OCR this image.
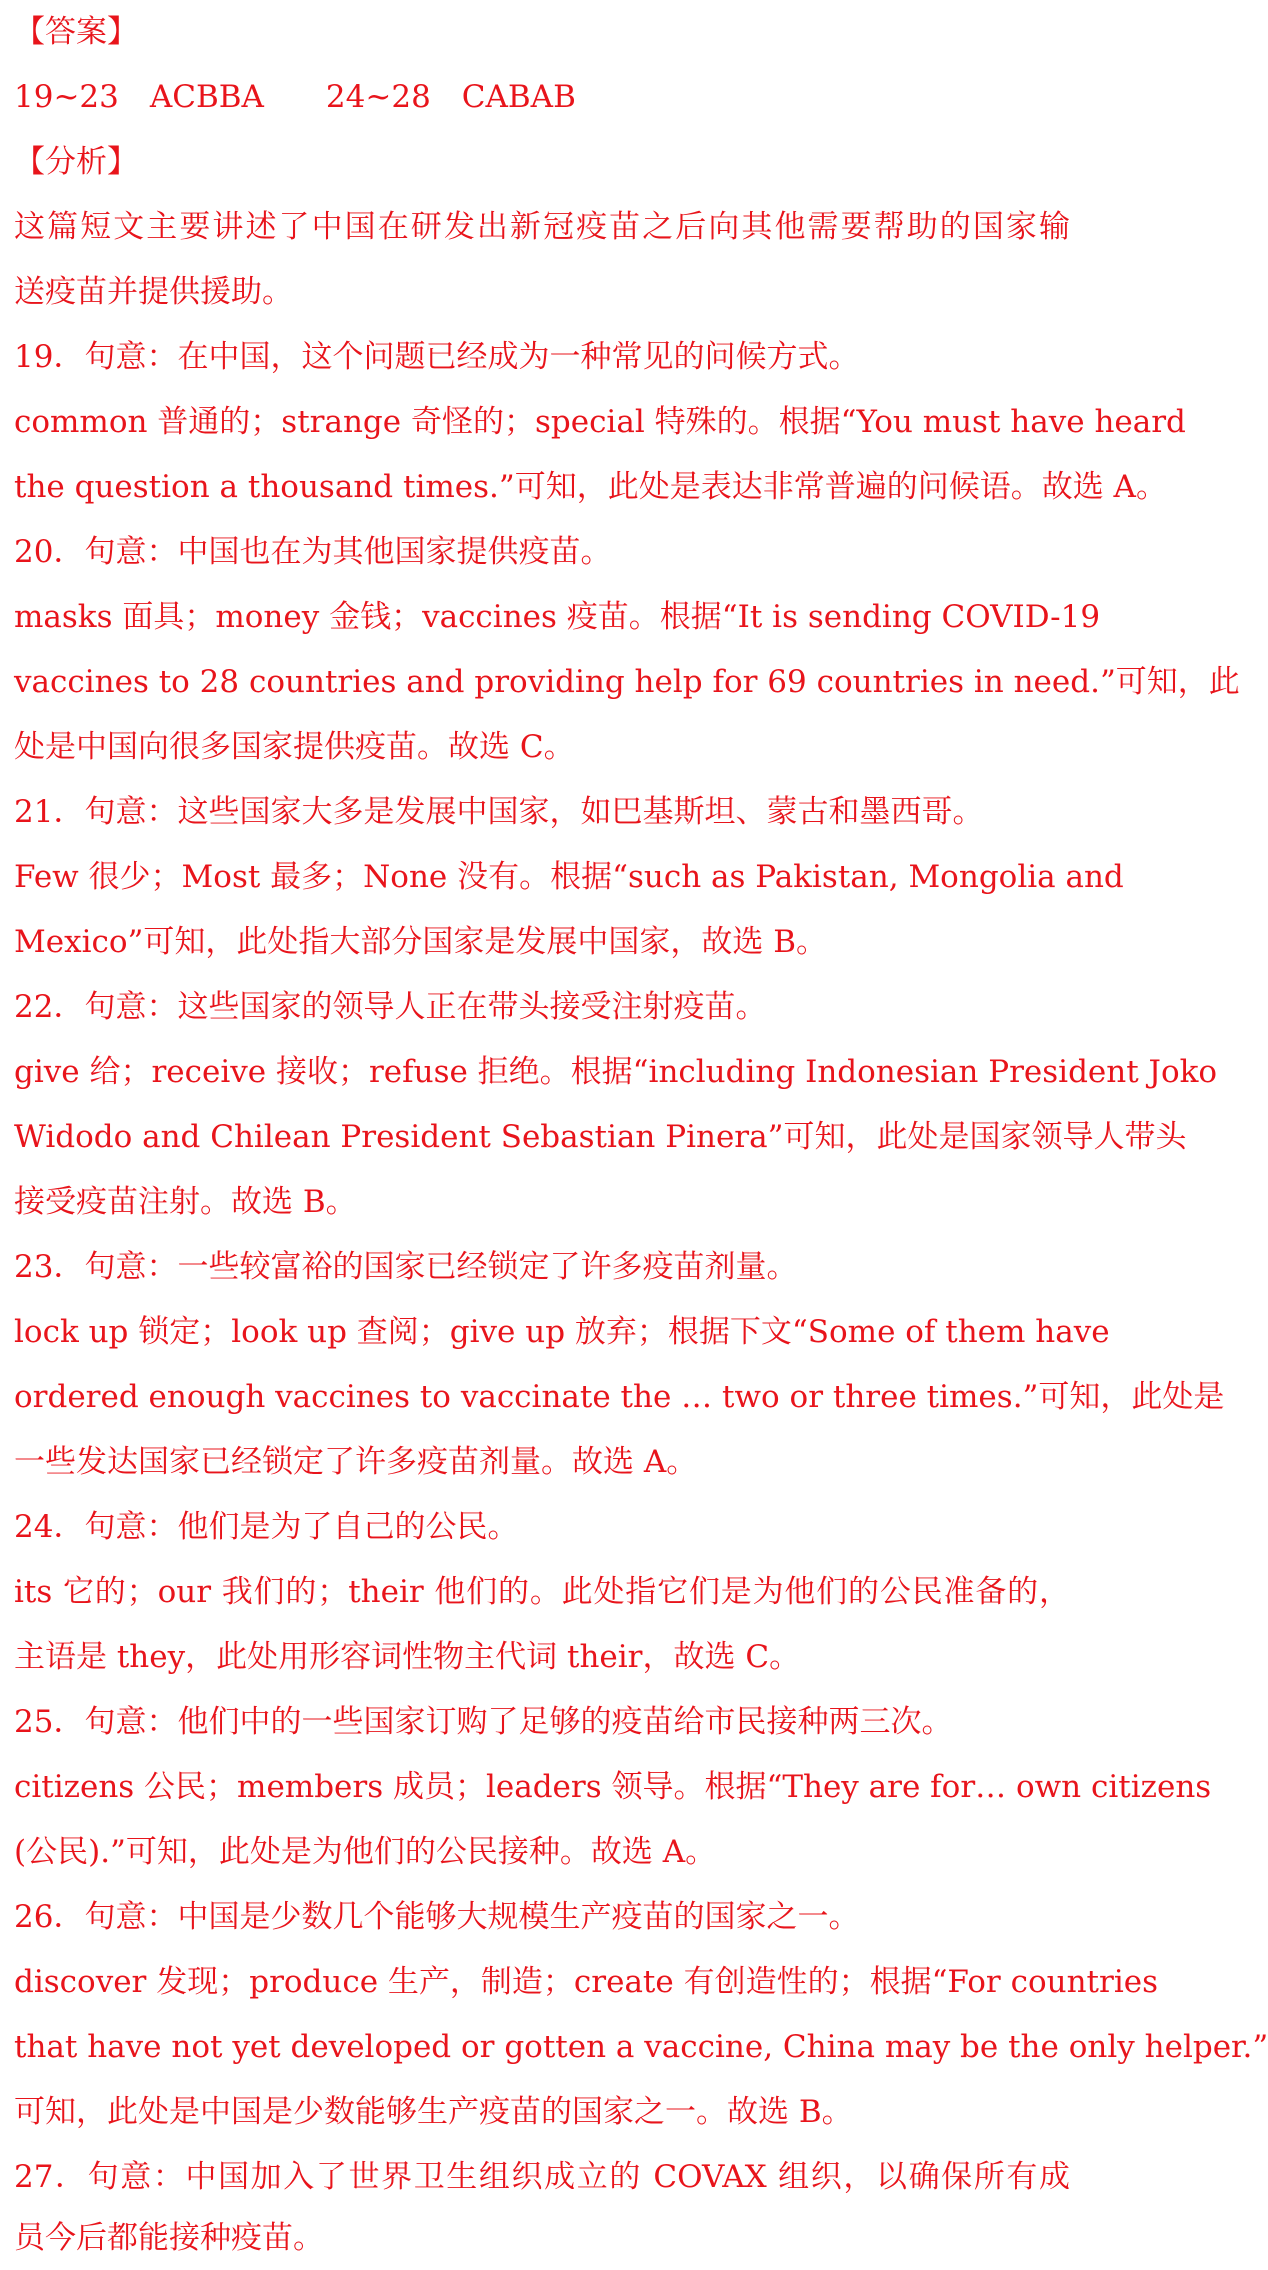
【答案】
19~23　ACBBA　　24~28　CABAB
【分析】
这篇短文主要讲述了中国在研发出新冠疫苗之后向其他需要帮助的国家输
送疫苗并提供援助。
19．句意：在中国，这个问题已经成为一种常见的问候方式。
common 普通的；strange 奇怪的；special 特殊的。根据“You must have heard
the question a thousand times.”可知，此处是表达非常普遍的问候语。故选 A。
20．句意：中国也在为其他国家提供疫苗。
masks 面具；money 金钱；vaccines 疫苗。根据“It is sending COVID-19
vaccines to 28 countries and providing help for 69 countries in need.”可知，此
处是中国向很多国家提供疫苗。故选 C。
21．句意：这些国家大多是发展中国家，如巴基斯坦、蒙古和墨西哥。
Few 很少；Most 最多；None 没有。根据“such as Pakistan, Mongolia and
Mexico”可知，此处指大部分国家是发展中国家，故选 B。
22．句意：这些国家的领导人正在带头接受注射疫苗。
give 给；receive 接收；refuse 拒绝。根据“including Indonesian President Joko
Widodo and Chilean President Sebastian Pinera”可知，此处是国家领导人带头
接受疫苗注射。故选 B。
23．句意：一些较富裕的国家已经锁定了许多疫苗剂量。
lock up 锁定；look up 查阅；give up 放弃；根据下文“Some of them have
ordered enough vaccines to vaccinate the … two or three times.”可知，此处是
一些发达国家已经锁定了许多疫苗剂量。故选 A。
24．句意：他们是为了自己的公民。
its 它的；our 我们的；their 他们的。此处指它们是为他们的公民准备的，
主语是 they，此处用形容词性物主代词 their，故选 C。
25．句意：他们中的一些国家订购了足够的疫苗给市民接种两三次。
citizens 公民；members 成员；leaders 领导。根据“They are for… own citizens
(公民).”可知，此处是为他们的公民接种。故选 A。
26．句意：中国是少数几个能够大规模生产疫苗的国家之一。
discover 发现；produce 生产，制造；create 有创造性的；根据“For countries
that have not yet developed or gotten a vaccine, China may be the only helper.”
可知，此处是中国是少数能够生产疫苗的国家之一。故选 B。
27．句意：中国加入了世界卫生组织成立的 COVAX 组织，以确保所有成
员今后都能接种疫苗。
